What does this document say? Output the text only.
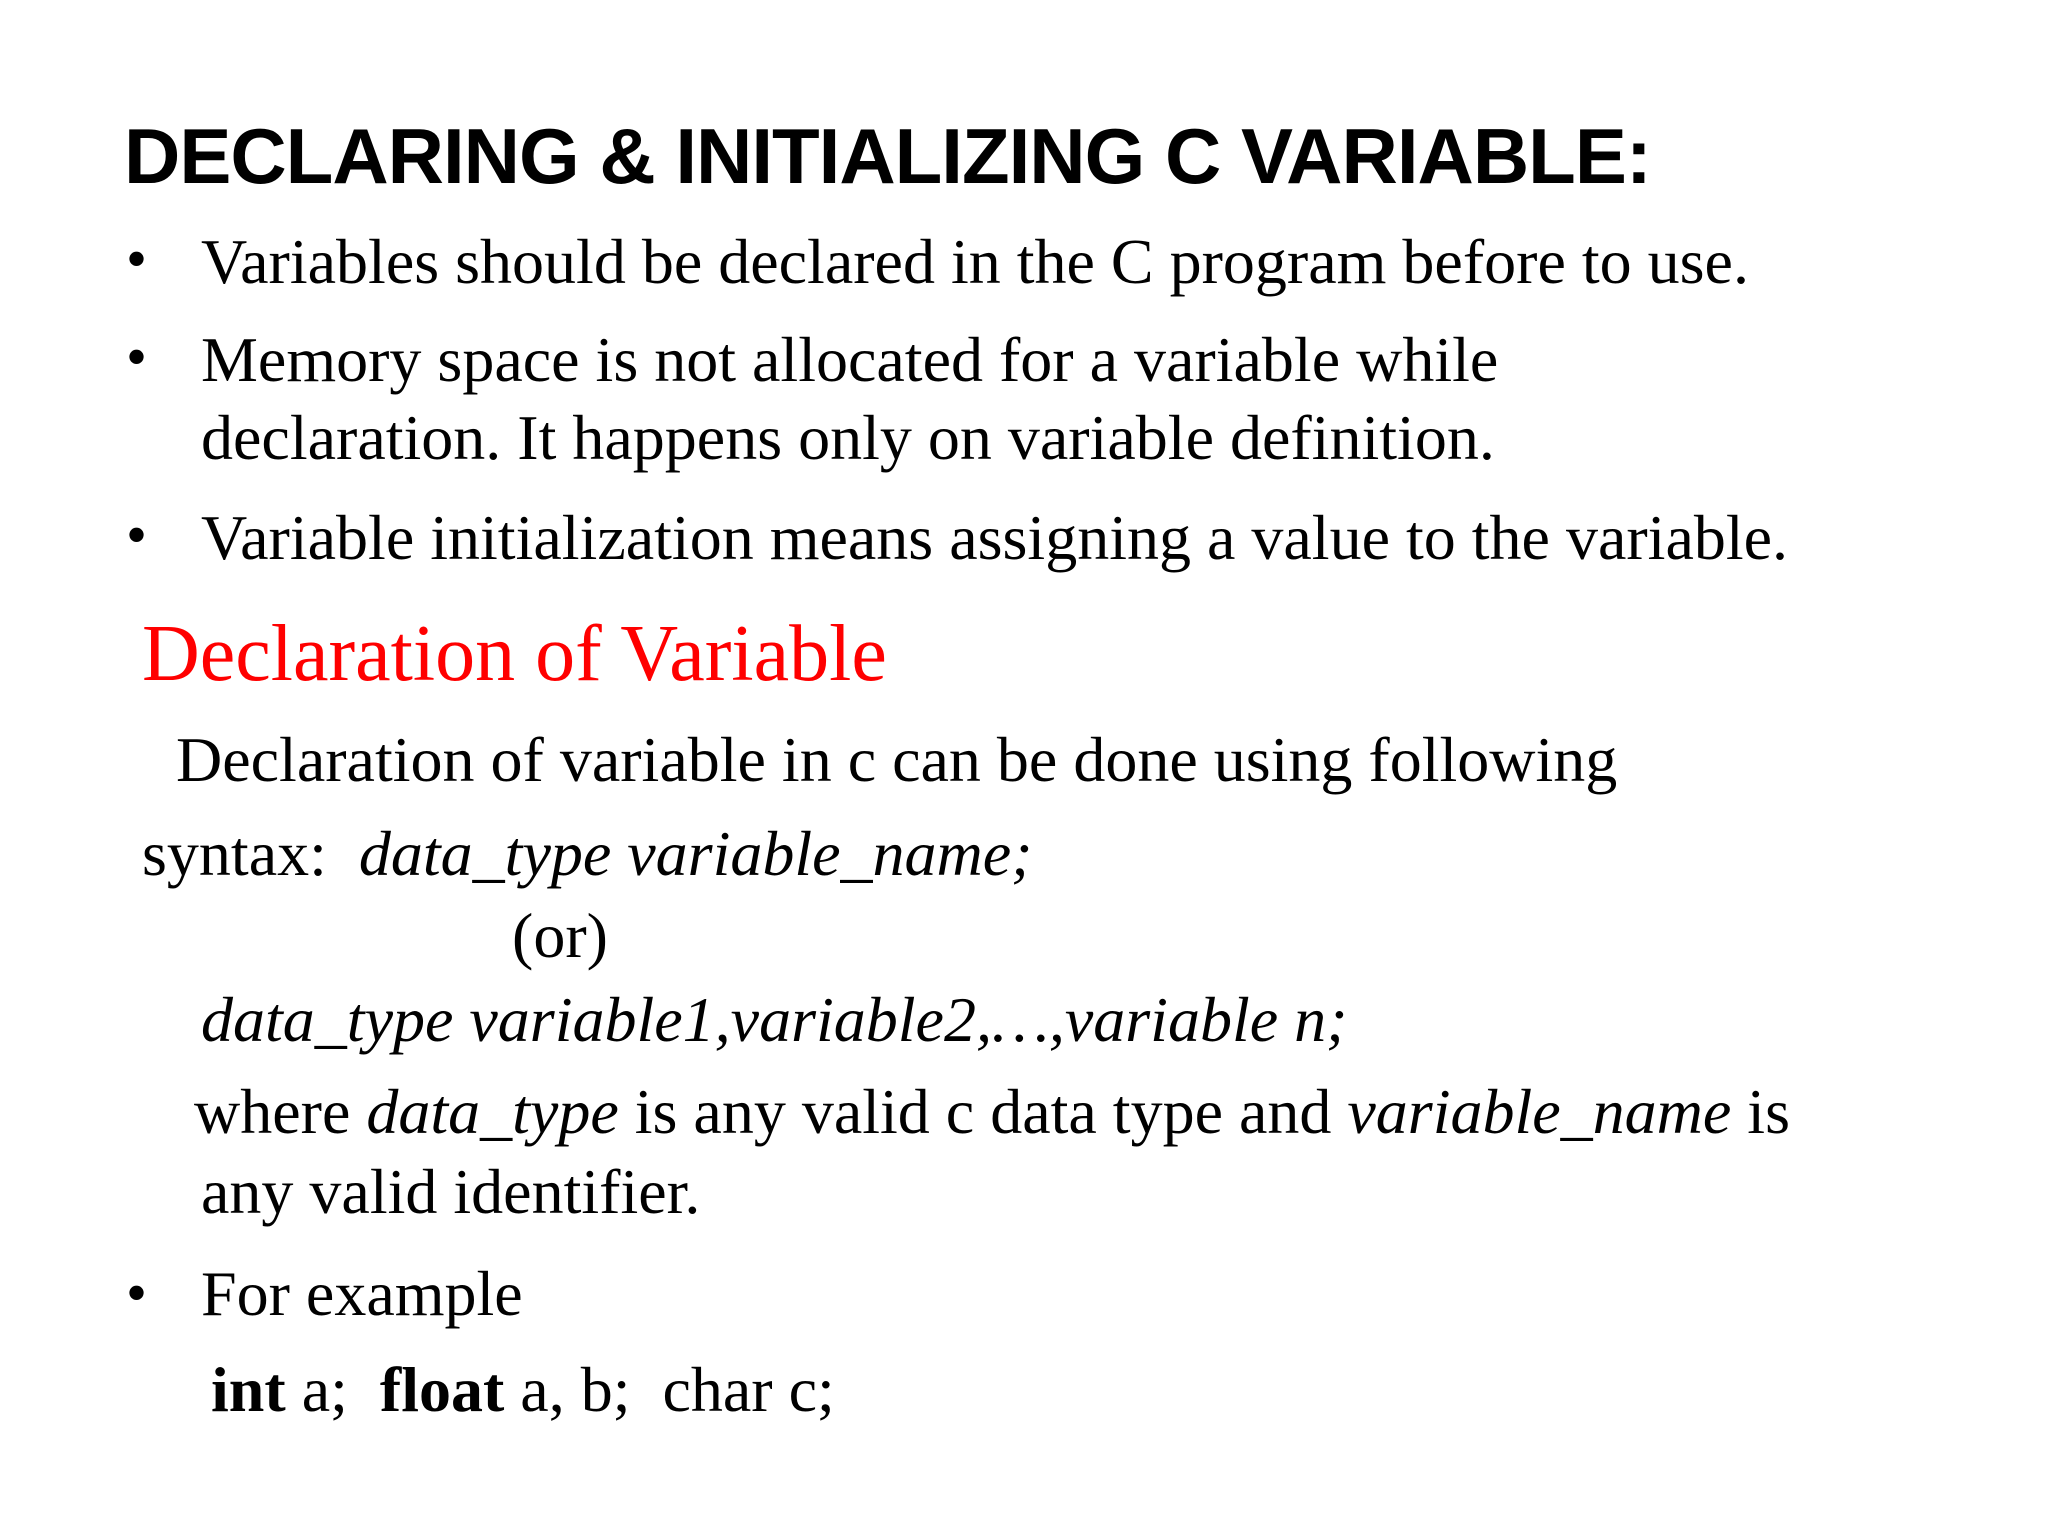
DECLARING & INITIALIZING C VARIABLE:
• Variables should be declared in the C program before to use.
• Memory space is not allocated for a variable while
declaration. It happens only on variable definition.
• Variable initialization means assigning a value to the variable.
Declaration of Variable
Declaration of variable in c can be done using following
syntax: data_type variable_name;
(or)
data_type variable1,variable2,…,variable n;
where data_type is any valid c data type and variable_name is
any valid identifier.
• For example
int a;  float a, b;  char c;
